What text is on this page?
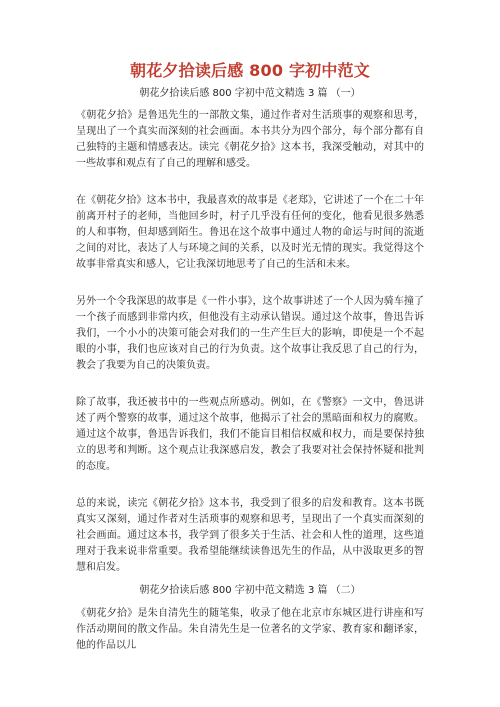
朝花夕拾读后感 800 字初中范文

朝花夕拾读后感 800 字初中范文精选 3 篇 （一）

《朝花夕拾》是鲁迅先生的一部散文集，通过作者对生活琐事的观察和思考，呈现出了一个真实而深刻的社会画面。本书共分为四个部分，每个部分都有自己独特的主题和情感表达。读完《朝花夕拾》这本书，我深受触动，对其中的一些故事和观点有了自己的理解和感受。

在《朝花夕拾》这本书中，我最喜欢的故事是《老郑》，它讲述了一个在二十年前离开村子的老师，当他回乡时，村子几乎没有任何的变化，他看见很多熟悉的人和事物，但却感到陌生。鲁迅在这个故事中通过人物的命运与时间的流逝之间的对比，表达了人与环境之间的关系，以及时光无情的现实。我觉得这个故事非常真实和感人，它让我深切地思考了自己的生活和未来。

另外一个令我深思的故事是《一件小事》，这个故事讲述了一个人因为骑车撞了一个孩子而感到非常内疚，但他没有主动承认错误。通过这个故事，鲁迅告诉我们，一个小小的决策可能会对我们的一生产生巨大的影响，即使是一个不起眼的小事，我们也应该对自己的行为负责。这个故事让我反思了自己的行为，教会了我要为自己的决策负责。

除了故事，我还被书中的一些观点所感动。例如，在《警察》一文中，鲁迅讲述了两个警察的故事，通过这个故事，他揭示了社会的黑暗面和权力的腐败。通过这个故事，鲁迅告诉我们，我们不能盲目相信权威和权力，而是要保持独立的思考和判断。这个观点让我深感启发，教会了我要对社会保持怀疑和批判的态度。

总的来说，读完《朝花夕拾》这本书，我受到了很多的启发和教育。这本书既真实又深刻，通过作者对生活琐事的观察和思考，呈现出了一个真实而深刻的社会画面。通过这本书，我学到了很多关于生活、社会和人性的道理，这些道理对于我来说非常重要。我希望能继续读鲁迅先生的作品，从中汲取更多的智慧和启发。

朝花夕拾读后感 800 字初中范文精选 3 篇 （二）

《朝花夕拾》是朱自清先生的随笔集，收录了他在北京市东城区进行讲座和写作活动期间的散文作品。朱自清先生是一位著名的文学家、教育家和翻译家，他的作品以儿
